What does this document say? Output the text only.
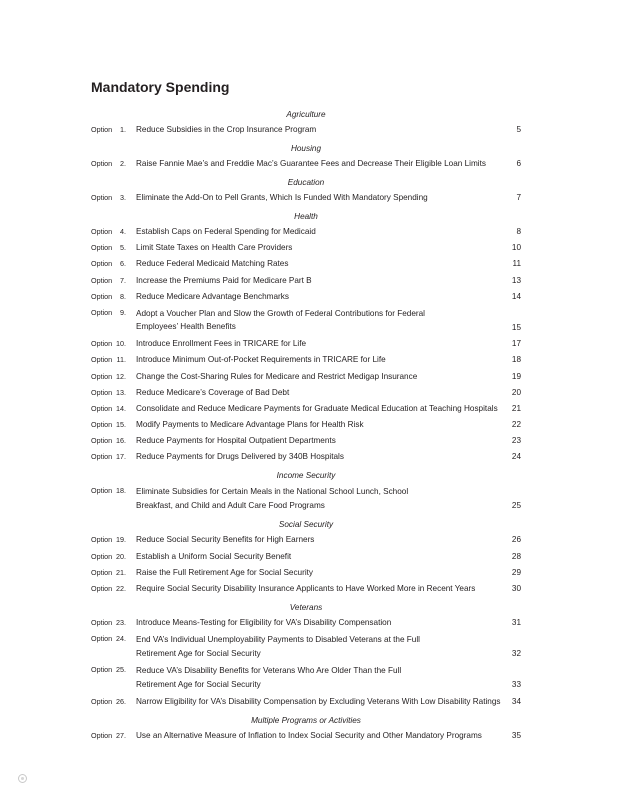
Mandatory Spending
Agriculture
Option	1. Reduce Subsidies in the Crop Insurance Program	5
Housing
Option	2. Raise Fannie Mae’s and Freddie Mac’s Guarantee Fees and Decrease Their Eligible Loan Limits	6
Education
Option	3. Eliminate the Add-On to Pell Grants, Which Is Funded With Mandatory Spending	7
Health
Option	4. Establish Caps on Federal Spending for Medicaid	8
Option	5. Limit State Taxes on Health Care Providers	10
Option	6. Reduce Federal Medicaid Matching Rates	11
Option	7. Increase the Premiums Paid for Medicare Part B	13
Option	8. Reduce Medicare Advantage Benchmarks	14
Option	9. Adopt a Voucher Plan and Slow the Growth of Federal Contributions for Federal
Employees’ Health Benefits	15
Option 10. Introduce Enrollment Fees in TRICARE for Life	17
Option 11. Introduce Minimum Out-of-Pocket Requirements in TRICARE for Life	18
Option 12. Change the Cost-Sharing Rules for Medicare and Restrict Medigap Insurance	19
Option 13. Reduce Medicare’s Coverage of Bad Debt	20
Option 14. Consolidate and Reduce Medicare Payments for Graduate Medical Education at Teaching Hospitals	21
Option 15. Modify Payments to Medicare Advantage Plans for Health Risk	22
Option 16. Reduce Payments for Hospital Outpatient Departments	23
Option 17. Reduce Payments for Drugs Delivered by 340B Hospitals	24
Income Security
Option 18. Eliminate Subsidies for Certain Meals in the National School Lunch, School
Breakfast, and Child and Adult Care Food Programs	25
Social Security
Option 19. Reduce Social Security Benefits for High Earners	26
Option 20. Establish a Uniform Social Security Benefit	28
Option 21. Raise the Full Retirement Age for Social Security	29
Option 22. Require Social Security Disability Insurance Applicants to Have Worked More in Recent Years	30
Veterans
Option 23. Introduce Means-Testing for Eligibility for VA’s Disability Compensation	31
Option 24. End VA’s Individual Unemployability Payments to Disabled Veterans at the Full
Retirement Age for Social Security	32
Option 25. Reduce VA’s Disability Benefits for Veterans Who Are Older Than the Full
Retirement Age for Social Security	33
Option 26. Narrow Eligibility for VA’s Disability Compensation by Excluding Veterans With Low Disability Ratings	34
Multiple Programs or Activities
Option 27. Use an Alternative Measure of Inflation to Index Social Security and Other Mandatory Programs	35
